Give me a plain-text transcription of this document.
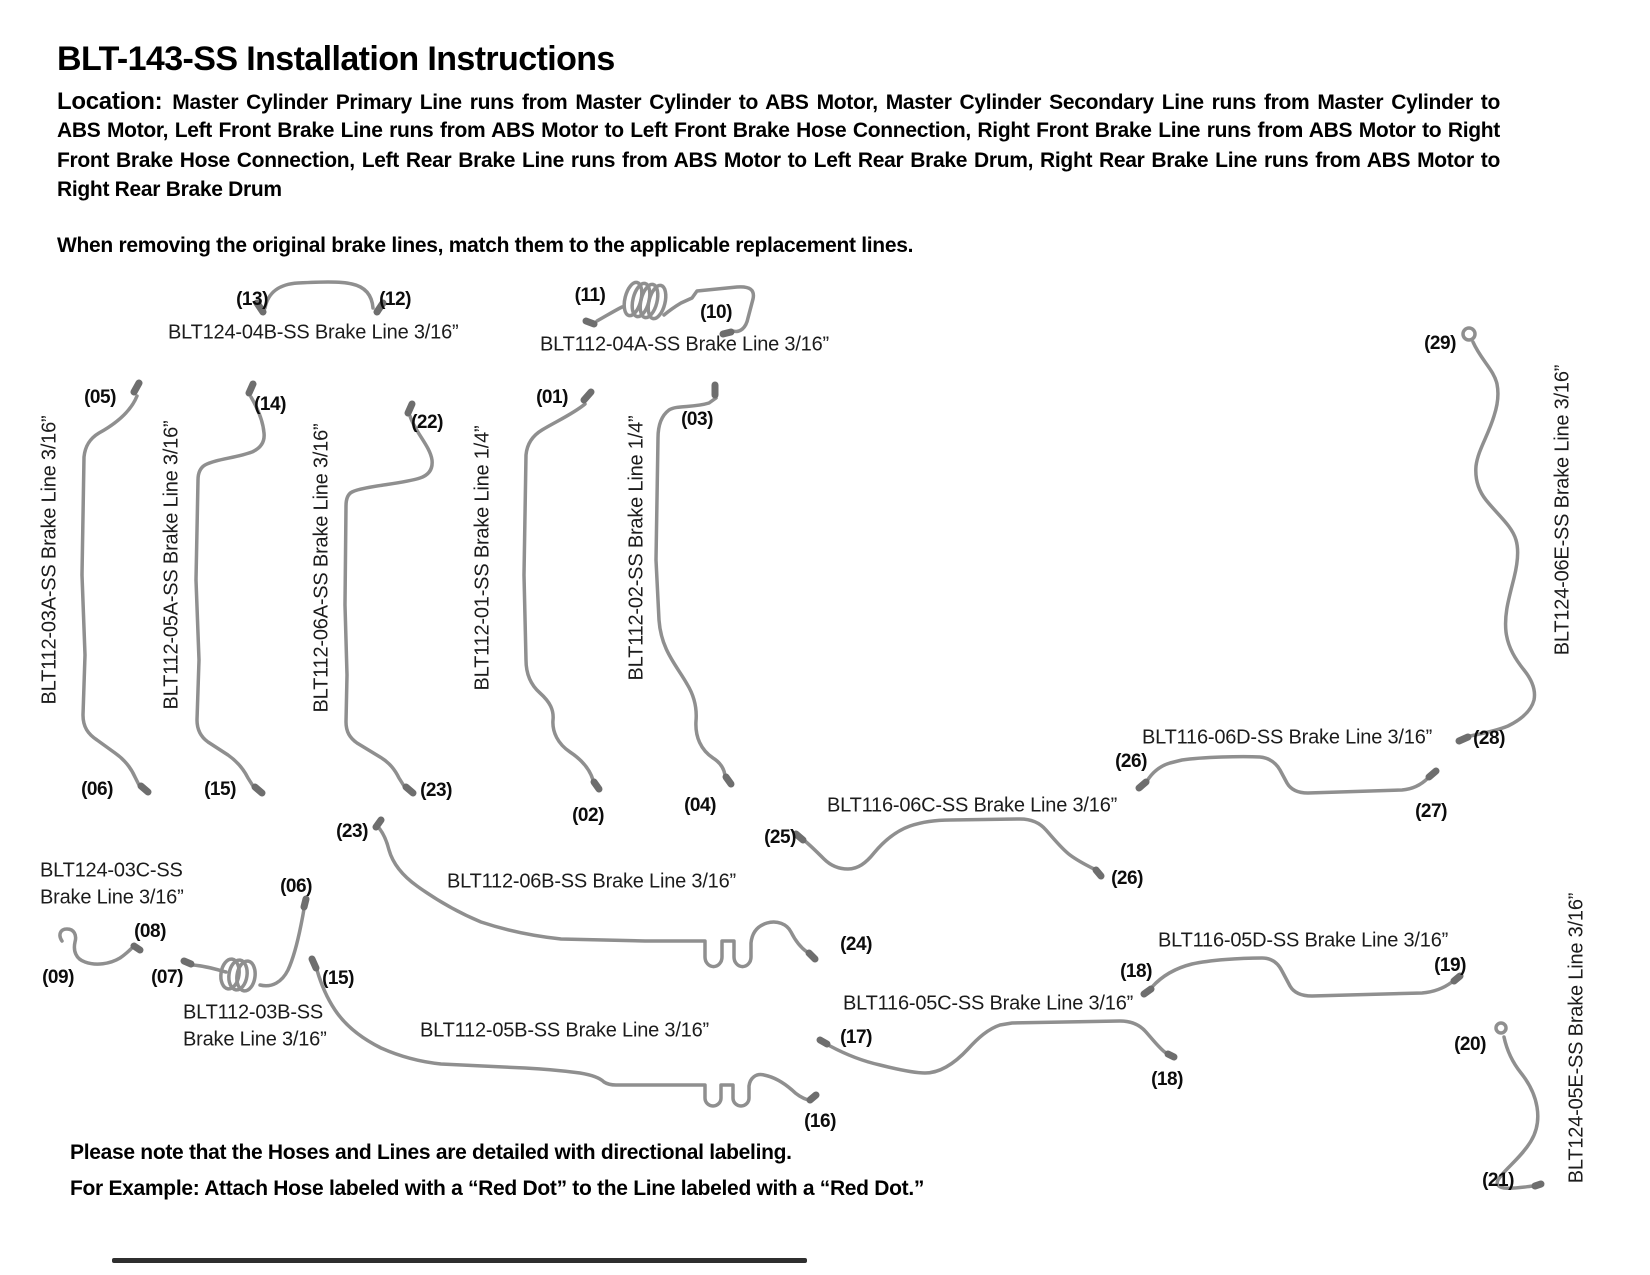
BLT-143-SS Installation Instructions
Location: Master Cylinder Primary Line runs from Master Cylinder to ABS Motor, Master Cylinder Secondary Line runs from Master Cylinder to
ABS Motor, Left Front Brake Line runs from ABS Motor to Left Front Brake Hose Connection, Right Front Brake Line runs from ABS Motor to Right
Front Brake Hose Connection, Left Rear Brake Line runs from ABS Motor to Left Rear Brake Drum, Right Rear Brake Line runs from ABS Motor to
Right Rear Brake Drum
When removing the original brake lines, match them to the applicable replacement lines.
BLT124-04B-SS Brake Line 3/16”
BLT112-04A-SS Brake Line 3/16”
BLT112-03A-SS Brake Line 3/16”	BLT112-05A-SS Brake Line 3/16”	BLT112-06A-SS Brake Line 3/16”	BLT112-01-SS Brake Line 1/4”	BLT112-02-SS Brake Line 1/4”	BLT124-06E-SS Brake Line 3/16”
BLT116-06D-SS Brake Line 3/16”
BLT116-06C-SS Brake Line 3/16”
BLT112-06B-SS Brake Line 3/16”
BLT124-03C-SS
Brake Line 3/16”
BLT112-03B-SS
Brake Line 3/16”	BLT112-05B-SS Brake Line 3/16”
BLT116-05C-SS Brake Line 3/16”
BLT116-05D-SS Brake Line 3/16”	BLT124-05E-SS Brake Line 3/16”
(13)	(12)	(11)
(10)
(05)	(14)
(22)
(01)
(03)
(06)	(15)	(23)
(02)	(04)
(29)
(28)
(26)
(27)
(25)
(26)
(23)
(24)
(08)
(09)	(07)
(06)
(15)
(16)
(17)
(18)
(18)	(19)
(20)
(21)
Please note that the Hoses and Lines are detailed with directional labeling.
For Example: Attach Hose labeled with a “Red Dot” to the Line labeled with a “Red Dot.”
